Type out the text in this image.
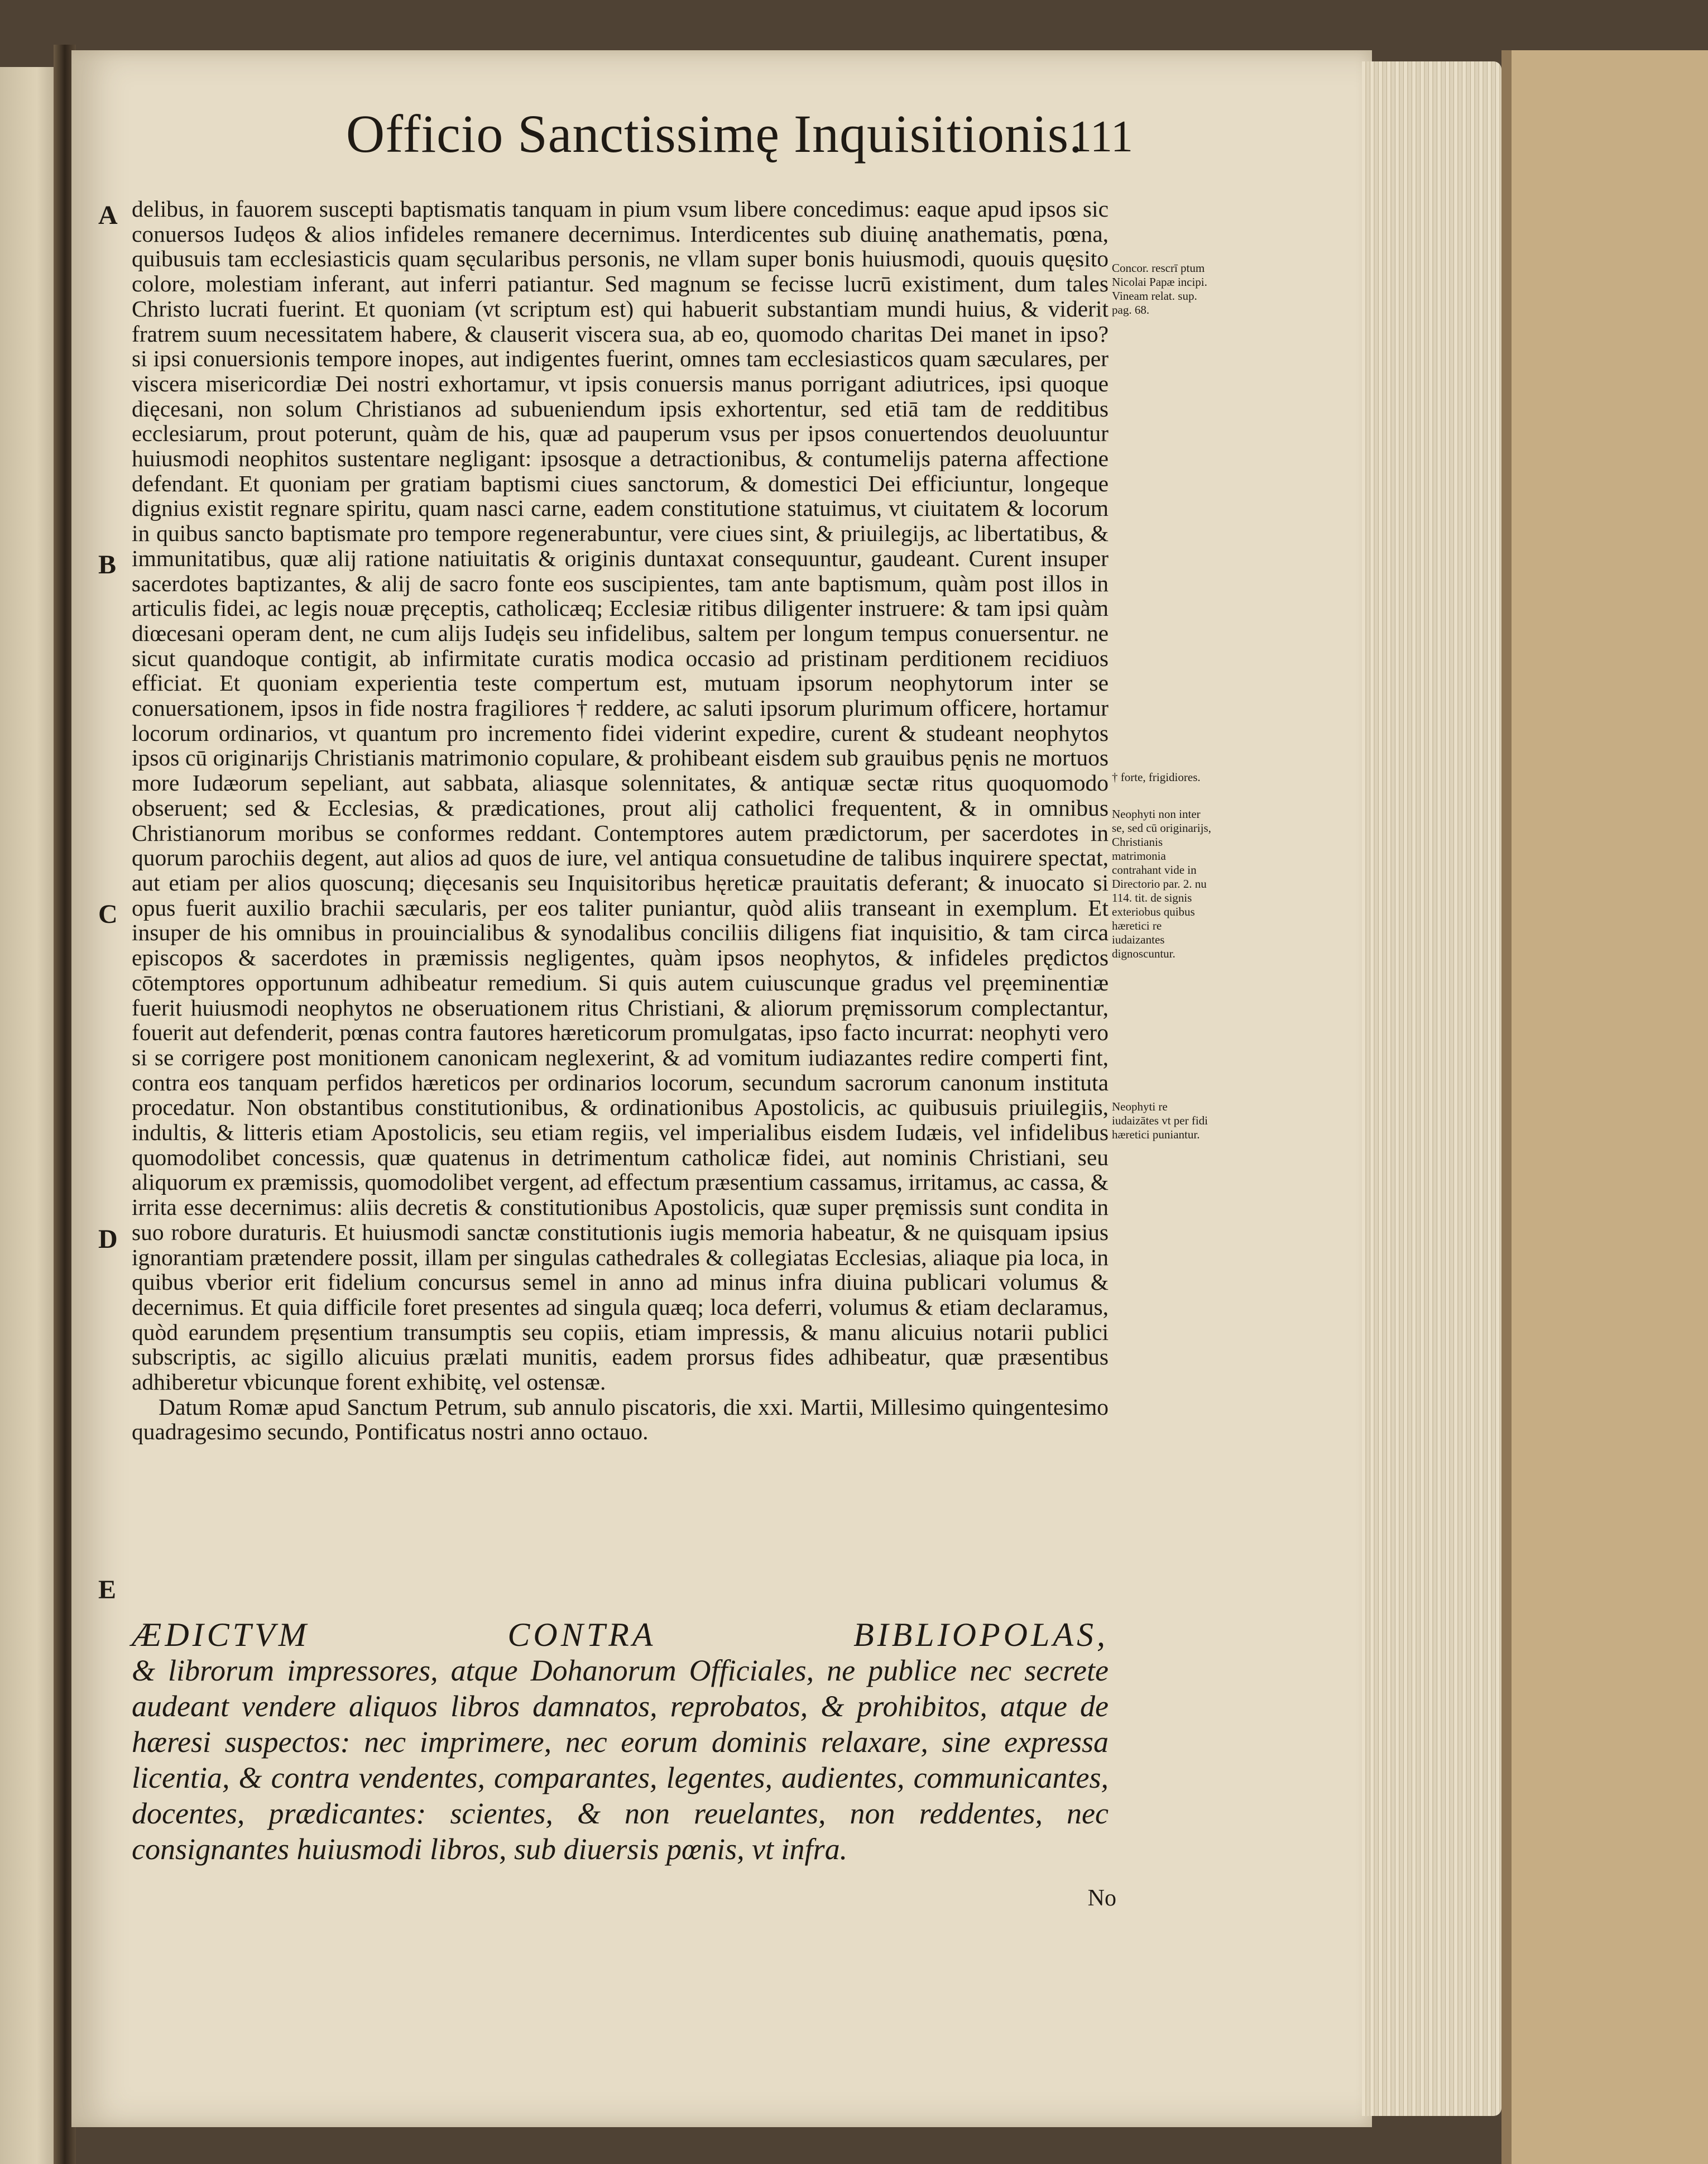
Officio Sanctissimę Inquisitionis.
111
A
B
C
D
E

delibus, in fauorem suscepti baptismatis tanquam in pium vsum libere concedimus: eaque apud ipsos sic conuersos Iudęos & alios infideles remanere decernimus. Interdicentes sub diuinę anathematis, pœna, quibusuis tam ecclesiasticis quam sęcularibus personis, ne vllam super bonis huiusmodi, quouis quęsito colore, molestiam inferant, aut inferri patiantur. Sed magnum se fecisse lucrū existiment, dum tales Christo lucrati fuerint. Et quoniam (vt scriptum est) qui habuerit substantiam mundi huius, & viderit fratrem suum necessitatem habere, & clauserit viscera sua, ab eo, quomodo charitas Dei manet in ipso? si ipsi conuersionis tempore inopes, aut indigentes fuerint, omnes tam ecclesiasticos quam sæculares, per viscera misericordiæ Dei nostri exhortamur, vt ipsis conuersis manus porrigant adiutrices, ipsi quoque dięcesani, non solum Christianos ad subueniendum ipsis exhortentur, sed etiā tam de redditibus ecclesiarum, prout poterunt, quàm de his, quæ ad pauperum vsus per ipsos conuertendos deuoluuntur huiusmodi neophitos sustentare negligant: ipsosque a detractionibus, & contumelijs paterna affectione defendant. Et quoniam per gratiam baptismi ciues sanctorum, & domestici Dei efficiuntur, longeque dignius existit regnare spiritu, quam nasci carne, eadem constitutione statuimus, vt ciuitatem & locorum in quibus sancto baptismate pro tempore regenerabuntur, vere ciues sint, & priuilegijs, ac libertatibus, & immunitatibus, quæ alij ratione natiuitatis & originis duntaxat consequuntur, gaudeant. Curent insuper sacerdotes baptizantes, & alij de sacro fonte eos suscipientes, tam ante baptismum, quàm post illos in articulis fidei, ac legis nouæ pręceptis, catholicæq; Ecclesiæ ritibus diligenter instruere: & tam ipsi quàm diœcesani operam dent, ne cum alijs Iudęis seu infidelibus, saltem per longum tempus conuersentur. ne sicut quandoque contigit, ab infirmitate curatis modica occasio ad pristinam perditionem recidiuos efficiat. Et quoniam experientia teste compertum est, mutuam ipsorum neophytorum inter se conuersationem, ipsos in fide nostra fragiliores † reddere, ac saluti ipsorum plurimum officere, hortamur locorum ordinarios, vt quantum pro incremento fidei viderint expedire, curent & studeant neophytos ipsos cū originarijs Christianis matrimonio copulare, & prohibeant eisdem sub grauibus pęnis ne mortuos more Iudæorum sepeliant, aut sabbata, aliasque solennitates, & antiquæ sectæ ritus quoquomodo obseruent; sed & Ecclesias, & prædicationes, prout alij catholici frequentent, & in omnibus Christianorum moribus se conformes reddant. Contemptores autem prædictorum, per sacerdotes in quorum parochiis degent, aut alios ad quos de iure, vel antiqua consuetudine de talibus inquirere spectat, aut etiam per alios quoscunq; dięcesanis seu Inquisitoribus hęreticæ prauitatis deferant; & inuocato si opus fuerit auxilio brachii sæcularis, per eos taliter puniantur, quòd aliis transeant in exemplum. Et insuper de his omnibus in prouincialibus & synodalibus conciliis diligens fiat inquisitio, & tam circa episcopos & sacerdotes in præmissis negligentes, quàm ipsos neophytos, & infideles prędictos cōtemptores opportunum adhibeatur remedium. Si quis autem cuiuscunque gradus vel pręeminentiæ fuerit huiusmodi neophytos ne obseruationem ritus Christiani, & aliorum pręmissorum complectantur, fouerit aut defenderit, pœnas contra fautores hæreticorum promulgatas, ipso facto incurrat: neophyti vero si se corrigere post monitionem canonicam neglexerint, & ad vomitum iudiazantes redire comperti fint, contra eos tanquam perfidos hæreticos per ordinarios locorum, secundum sacrorum canonum instituta procedatur. Non obstantibus constitutionibus, & ordinationibus Apostolicis, ac quibusuis priuilegiis, indultis, & litteris etiam Apostolicis, seu etiam regiis, vel imperialibus eisdem Iudæis, vel infidelibus quomodolibet concessis, quæ quatenus in detrimentum catholicæ fidei, aut nominis Christiani, seu aliquorum ex præmissis, quomodolibet vergent, ad effectum præsentium cassamus, irritamus, ac cassa, & irrita esse decernimus: aliis decretis & constitutionibus Apostolicis, quæ super pręmissis sunt condita in suo robore duraturis. Et huiusmodi sanctæ constitutionis iugis memoria habeatur, & ne quisquam ipsius ignorantiam prætendere possit, illam per singulas cathedrales & collegiatas Ecclesias, aliaque pia loca, in quibus vberior erit fidelium concursus semel in anno ad minus infra diuina publicari volumus & decernimus. Et quia difficile foret presentes ad singula quæq; loca deferri, volumus & etiam declaramus, quòd earundem pręsentium transumptis seu copiis, etiam impressis, & manu alicuius notarii publici subscriptis, ac sigillo alicuius prælati munitis, eadem prorsus fides adhibeatur, quæ præsentibus adhiberetur vbicunque forent exhibitę, vel ostensæ.

Datum Romæ apud Sanctum Petrum, sub annulo piscatoris, die xxi. Martii, Millesimo quingentesimo quadragesimo secundo, Pontificatus nostri anno octauo.

Concor. rescrī ptum Nicolai Papæ incipi. Vineam relat. sup. pag. 68.
† forte, frigidiores.
Neophyti non inter se, sed cū originarijs, Christianis matrimonia contrahant vide in Directorio par. 2. nu 114. tit. de signis exteriobus quibus hæretici re iudaizantes dignoscuntur.
Neophyti re iudaizātes vt per fidi hæretici puniantur.
ÆDICTVM CONTRA BIBLIOPOLAS,
& librorum impressores, atque Dohanorum Officiales, ne publice nec secrete audeant vendere aliquos libros damnatos, reprobatos, & prohibitos, atque de hæresi suspectos: nec imprimere, nec eorum dominis relaxare, sine expressa licentia, & contra vendentes, comparantes, legentes, audientes, communicantes, docentes, prædicantes: scientes, & non reuelantes, non reddentes, nec consignantes huiusmodi libros, sub diuersis pœnis, vt infra.
No
